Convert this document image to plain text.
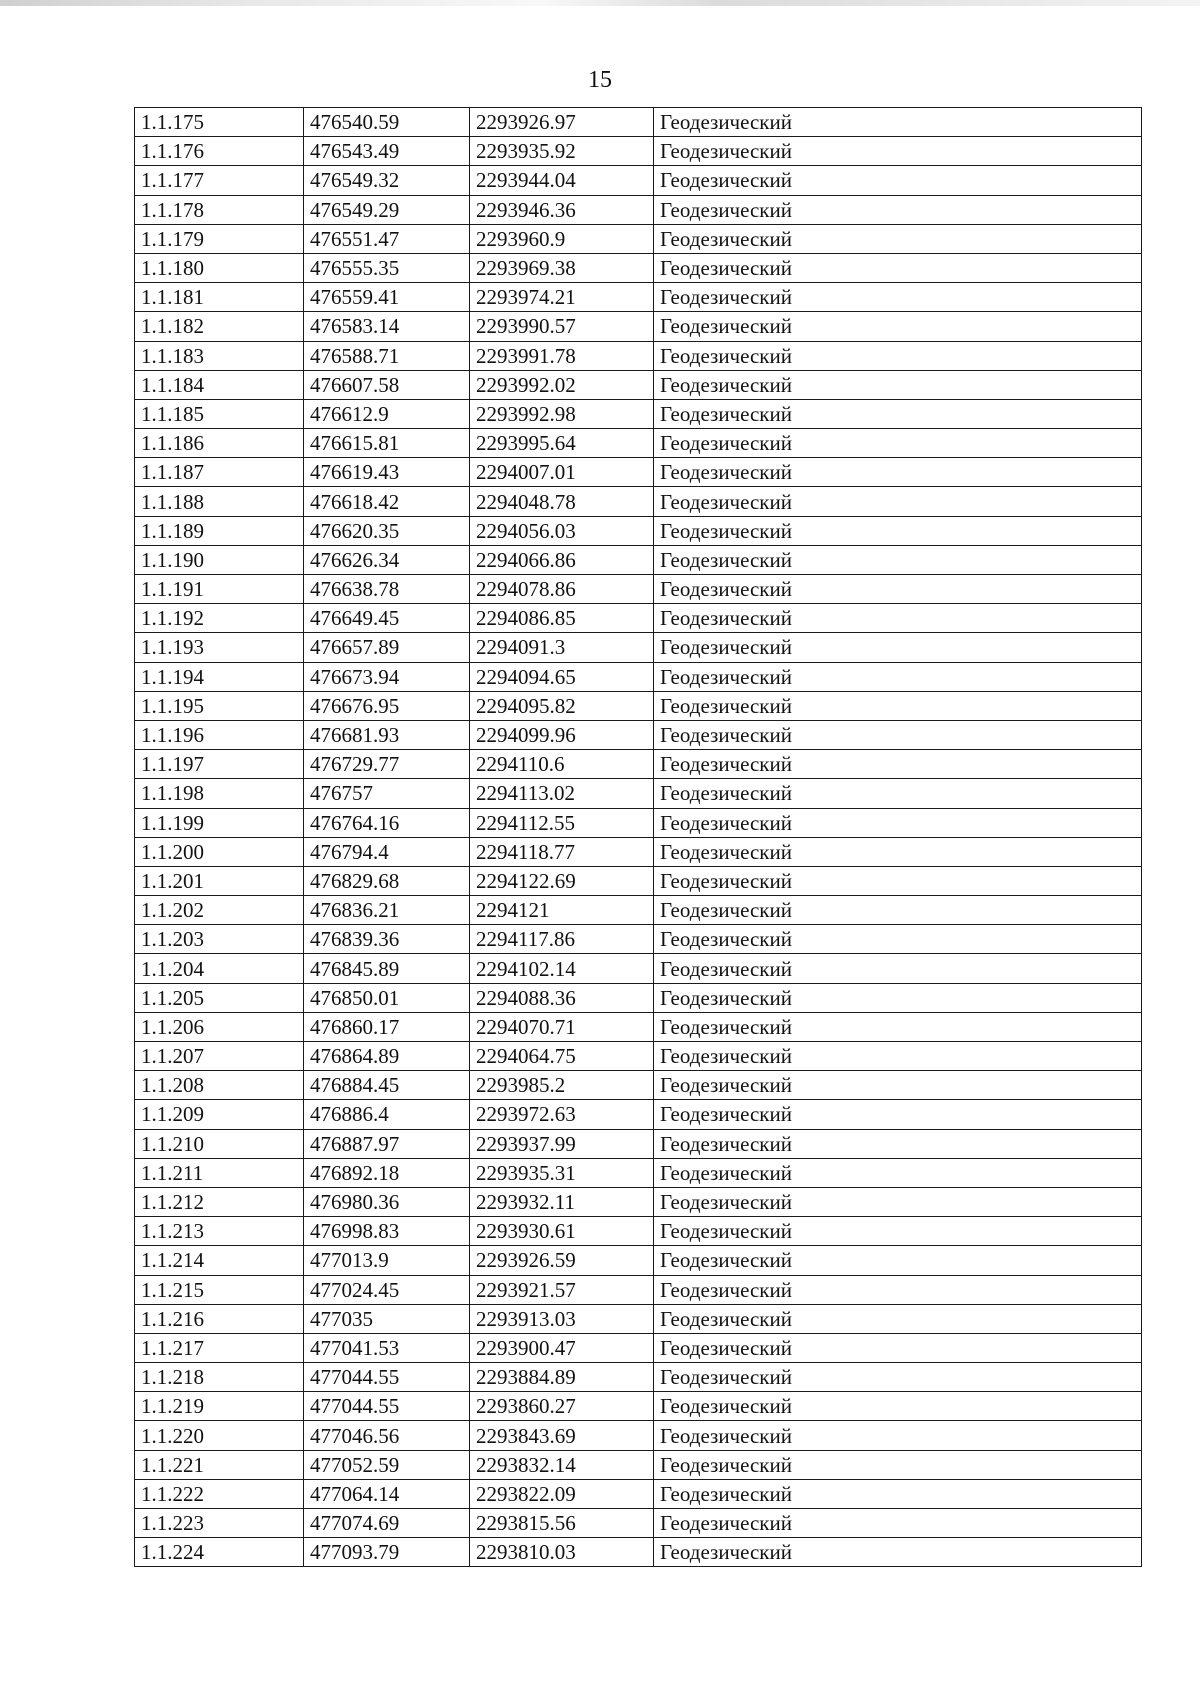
15
1.1.175	476540.59	2293926.97	Геодезический
1.1.176	476543.49	2293935.92	Геодезический
1.1.177	476549.32	2293944.04	Геодезический
1.1.178	476549.29	2293946.36	Геодезический
1.1.179	476551.47	2293960.9	Геодезический
1.1.180	476555.35	2293969.38	Геодезический
1.1.181	476559.41	2293974.21	Геодезический
1.1.182	476583.14	2293990.57	Геодезический
1.1.183	476588.71	2293991.78	Геодезический
1.1.184	476607.58	2293992.02	Геодезический
1.1.185	476612.9	2293992.98	Геодезический
1.1.186	476615.81	2293995.64	Геодезический
1.1.187	476619.43	2294007.01	Геодезический
1.1.188	476618.42	2294048.78	Геодезический
1.1.189	476620.35	2294056.03	Геодезический
1.1.190	476626.34	2294066.86	Геодезический
1.1.191	476638.78	2294078.86	Геодезический
1.1.192	476649.45	2294086.85	Геодезический
1.1.193	476657.89	2294091.3	Геодезический
1.1.194	476673.94	2294094.65	Геодезический
1.1.195	476676.95	2294095.82	Геодезический
1.1.196	476681.93	2294099.96	Геодезический
1.1.197	476729.77	2294110.6	Геодезический
1.1.198	476757	2294113.02	Геодезический
1.1.199	476764.16	2294112.55	Геодезический
1.1.200	476794.4	2294118.77	Геодезический
1.1.201	476829.68	2294122.69	Геодезический
1.1.202	476836.21	2294121	Геодезический
1.1.203	476839.36	2294117.86	Геодезический
1.1.204	476845.89	2294102.14	Геодезический
1.1.205	476850.01	2294088.36	Геодезический
1.1.206	476860.17	2294070.71	Геодезический
1.1.207	476864.89	2294064.75	Геодезический
1.1.208	476884.45	2293985.2	Геодезический
1.1.209	476886.4	2293972.63	Геодезический
1.1.210	476887.97	2293937.99	Геодезический
1.1.211	476892.18	2293935.31	Геодезический
1.1.212	476980.36	2293932.11	Геодезический
1.1.213	476998.83	2293930.61	Геодезический
1.1.214	477013.9	2293926.59	Геодезический
1.1.215	477024.45	2293921.57	Геодезический
1.1.216	477035	2293913.03	Геодезический
1.1.217	477041.53	2293900.47	Геодезический
1.1.218	477044.55	2293884.89	Геодезический
1.1.219	477044.55	2293860.27	Геодезический
1.1.220	477046.56	2293843.69	Геодезический
1.1.221	477052.59	2293832.14	Геодезический
1.1.222	477064.14	2293822.09	Геодезический
1.1.223	477074.69	2293815.56	Геодезический
1.1.224	477093.79	2293810.03	Геодезический
